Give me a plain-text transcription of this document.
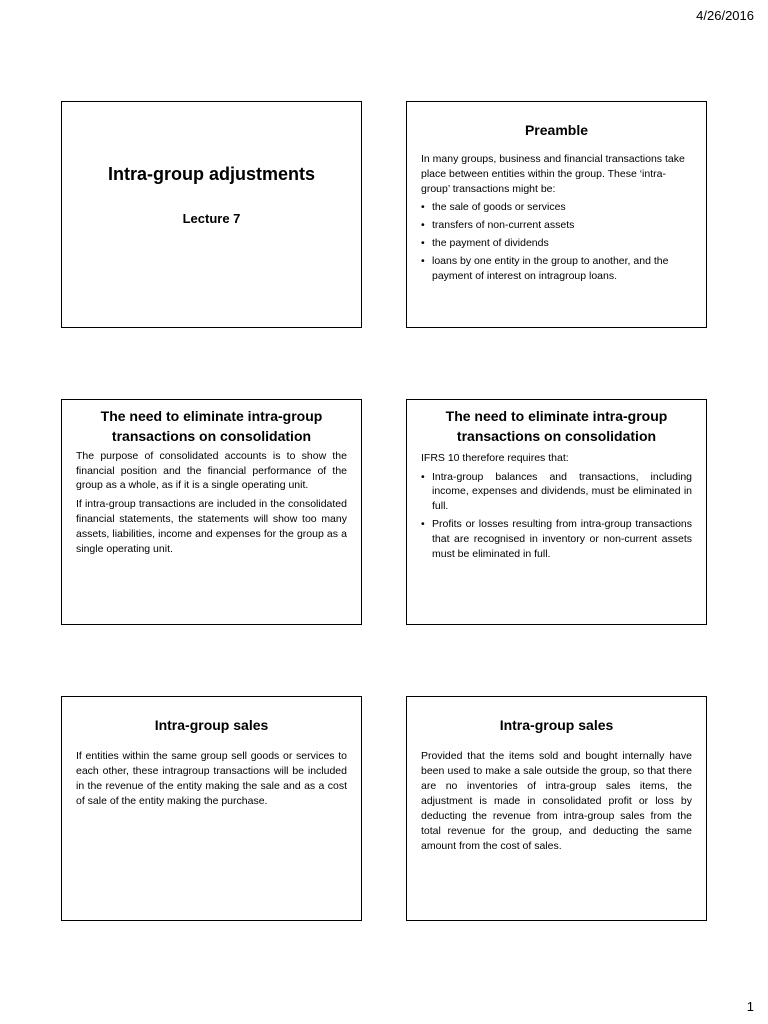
4/26/2016
Intra-group adjustments
Lecture 7
Preamble

In many groups, business and financial transactions take place between entities within the group. These ‘intra-group’ transactions might be:

• the sale of goods or services
• transfers of non-current assets
• the payment of dividends
• loans by one entity in the group to another, and the payment of interest on intragroup loans.
The need to eliminate intra-group transactions on consolidation

The purpose of consolidated accounts is to show the financial position and the financial performance of the group as a whole, as if it is a single operating unit.

If intra-group transactions are included in the consolidated financial statements, the statements will show too many assets, liabilities, income and expenses for the group as a single operating unit.

The need to eliminate intra-group transactions on consolidation

IFRS 10 therefore requires that:

• Intra-group balances and transactions, including income, expenses and dividends, must be eliminated in full.
• Profits or losses resulting from intra-group transactions that are recognised in inventory or non-current assets must be eliminated in full.
Intra-group sales

If entities within the same group sell goods or services to each other, these intragroup transactions will be included in the revenue of the entity making the sale and as a cost of sale of the entity making the purchase.

Intra-group sales

Provided that the items sold and bought internally have been used to make a sale outside the group, so that there are no inventories of intra-group sales items, the adjustment is made in consolidated profit or loss by deducting the revenue from intra-group sales from the total revenue for the group, and deducting the same amount from the cost of sales.

1
